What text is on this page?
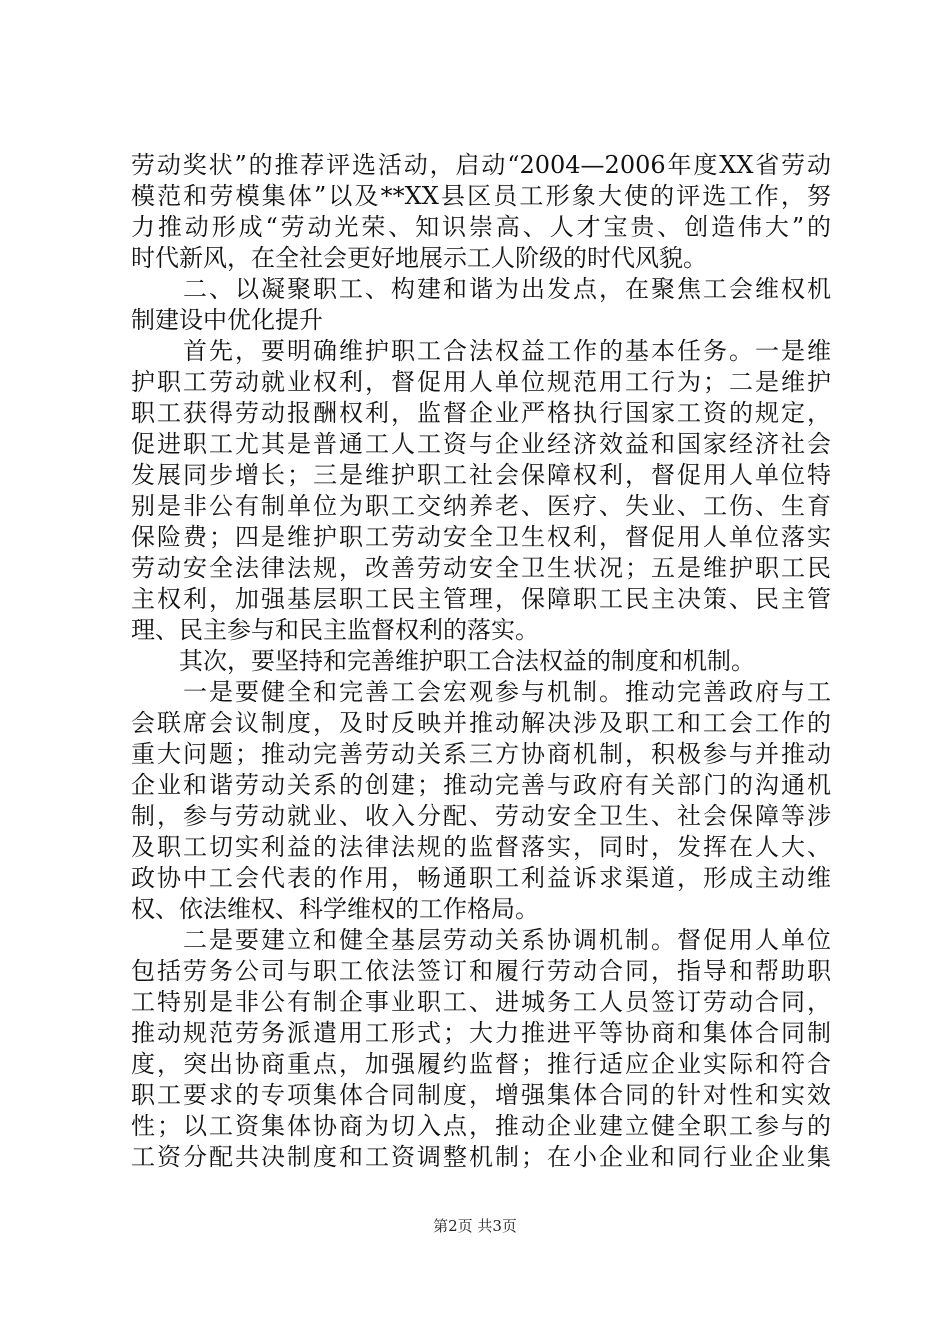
劳动奖状”的推荐评选活动，启动“2004—2006年度XX省劳动
模范和劳模集体”以及**XX县区员工形象大使的评选工作，努
力推动形成“劳动光荣、知识崇高、人才宝贵、创造伟大”的
时代新风，在全社会更好地展示工人阶级的时代风貌。
　　二、以凝聚职工、构建和谐为出发点，在聚焦工会维权机
制建设中优化提升
　　首先，要明确维护职工合法权益工作的基本任务。一是维
护职工劳动就业权利，督促用人单位规范用工行为；二是维护
职工获得劳动报酬权利，监督企业严格执行国家工资的规定，
促进职工尤其是普通工人工资与企业经济效益和国家经济社会
发展同步增长；三是维护职工社会保障权利，督促用人单位特
别是非公有制单位为职工交纳养老、医疗、失业、工伤、生育
保险费；四是维护职工劳动安全卫生权利，督促用人单位落实
劳动安全法律法规，改善劳动安全卫生状况；五是维护职工民
主权利，加强基层职工民主管理，保障职工民主决策、民主管
理、民主参与和民主监督权利的落实。
　　其次，要坚持和完善维护职工合法权益的制度和机制。
　　一是要健全和完善工会宏观参与机制。推动完善政府与工
会联席会议制度，及时反映并推动解决涉及职工和工会工作的
重大问题；推动完善劳动关系三方协商机制，积极参与并推动
企业和谐劳动关系的创建；推动完善与政府有关部门的沟通机
制，参与劳动就业、收入分配、劳动安全卫生、社会保障等涉
及职工切实利益的法律法规的监督落实，同时，发挥在人大、
政协中工会代表的作用，畅通职工利益诉求渠道，形成主动维
权、依法维权、科学维权的工作格局。
　　二是要建立和健全基层劳动关系协调机制。督促用人单位
包括劳务公司与职工依法签订和履行劳动合同，指导和帮助职
工特别是非公有制企事业职工、进城务工人员签订劳动合同，
推动规范劳务派遣用工形式；大力推进平等协商和集体合同制
度，突出协商重点，加强履约监督；推行适应企业实际和符合
职工要求的专项集体合同制度，增强集体合同的针对性和实效
性；以工资集体协商为切入点，推动企业建立健全职工参与的
工资分配共决制度和工资调整机制；在小企业和同行业企业集
第2页 共3页
